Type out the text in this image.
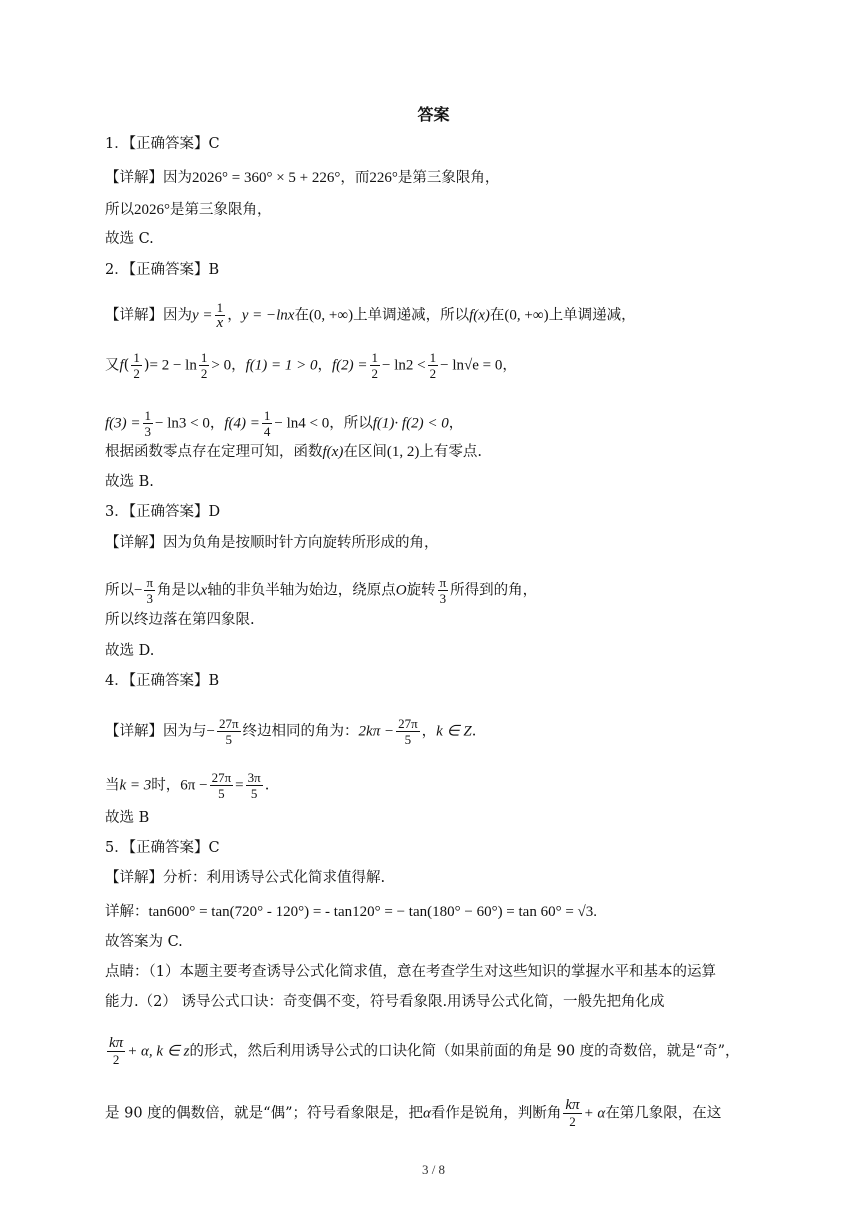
答案
1．【正确答案】C
【详解】因为2026° = 360° × 5 + 226°，而226°是第三象限角，
所以2026°是第三象限角，
故选 C.
2．【正确答案】B
【详解】因为$y = \frac{1}{x}$ ，y = −lnx在(0, +∞)上单调递减，所以f(x)在(0, +∞)上单调递减，
又$f( \frac{1}{2}$ )= $2 - \ln \frac{1}{2} > 0$，f(1) = 1 > 0，$f(2) = \frac{1}{2} - \ln 2 < \frac{1}{2} - \ln√e = 0$，
$f(3) = \frac{1}{3} - \ln 3 < 0$，$f(4) = \frac{1}{4} - \ln 4 < 0$，所以f(1)· f(2) < 0，
根据函数零点存在定理可知，函数f(x)在区间(1, 2)上有零点.
故选 B.
3．【正确答案】D
【详解】因为负角是按顺时针方向旋转所形成的角，
所以− $\frac{\pi}{3}$ 角是以x轴的非负半轴为始边，绕原点O旋转 $\frac{\pi}{3}$ 所得到的角，
所以终边落在第四象限.
故选 D.
4．【正确答案】B
【详解】因为与− $\frac{27\pi}{5}$ 终边相同的角为：$2k\pi - \frac{27\pi}{5}$ ，k ∈ Z.
当k = 3时，$6\pi - \frac{27\pi}{5} = \frac{3\pi}{5}$ .
故选 B
5．【正确答案】C
【详解】分析：利用诱导公式化简求值得解.
详解：tan600° = tan(720° - 120°) = - tan120° = − tan(180° − 60°) = tan 60° = √3.
故答案为 C.
点睛：（1）本题主要考查诱导公式化简求值，意在考查学生对这些知识的掌握水平和基本的运算
能力.（2） 诱导公式口诀：奇变偶不变，符号看象限.用诱导公式化简，一般先把角化成
$\frac{k\pi}{2} + \alpha$, k ∈ z的形式，然后利用诱导公式的口诀化简（如果前面的角是 90 度的奇数倍，就是“奇”，
是 90 度的偶数倍，就是“偶”；符号看象限是，把α看作是锐角，判断角 $\frac{k\pi}{2} + \alpha$在第几象限，在这
3 / 8
